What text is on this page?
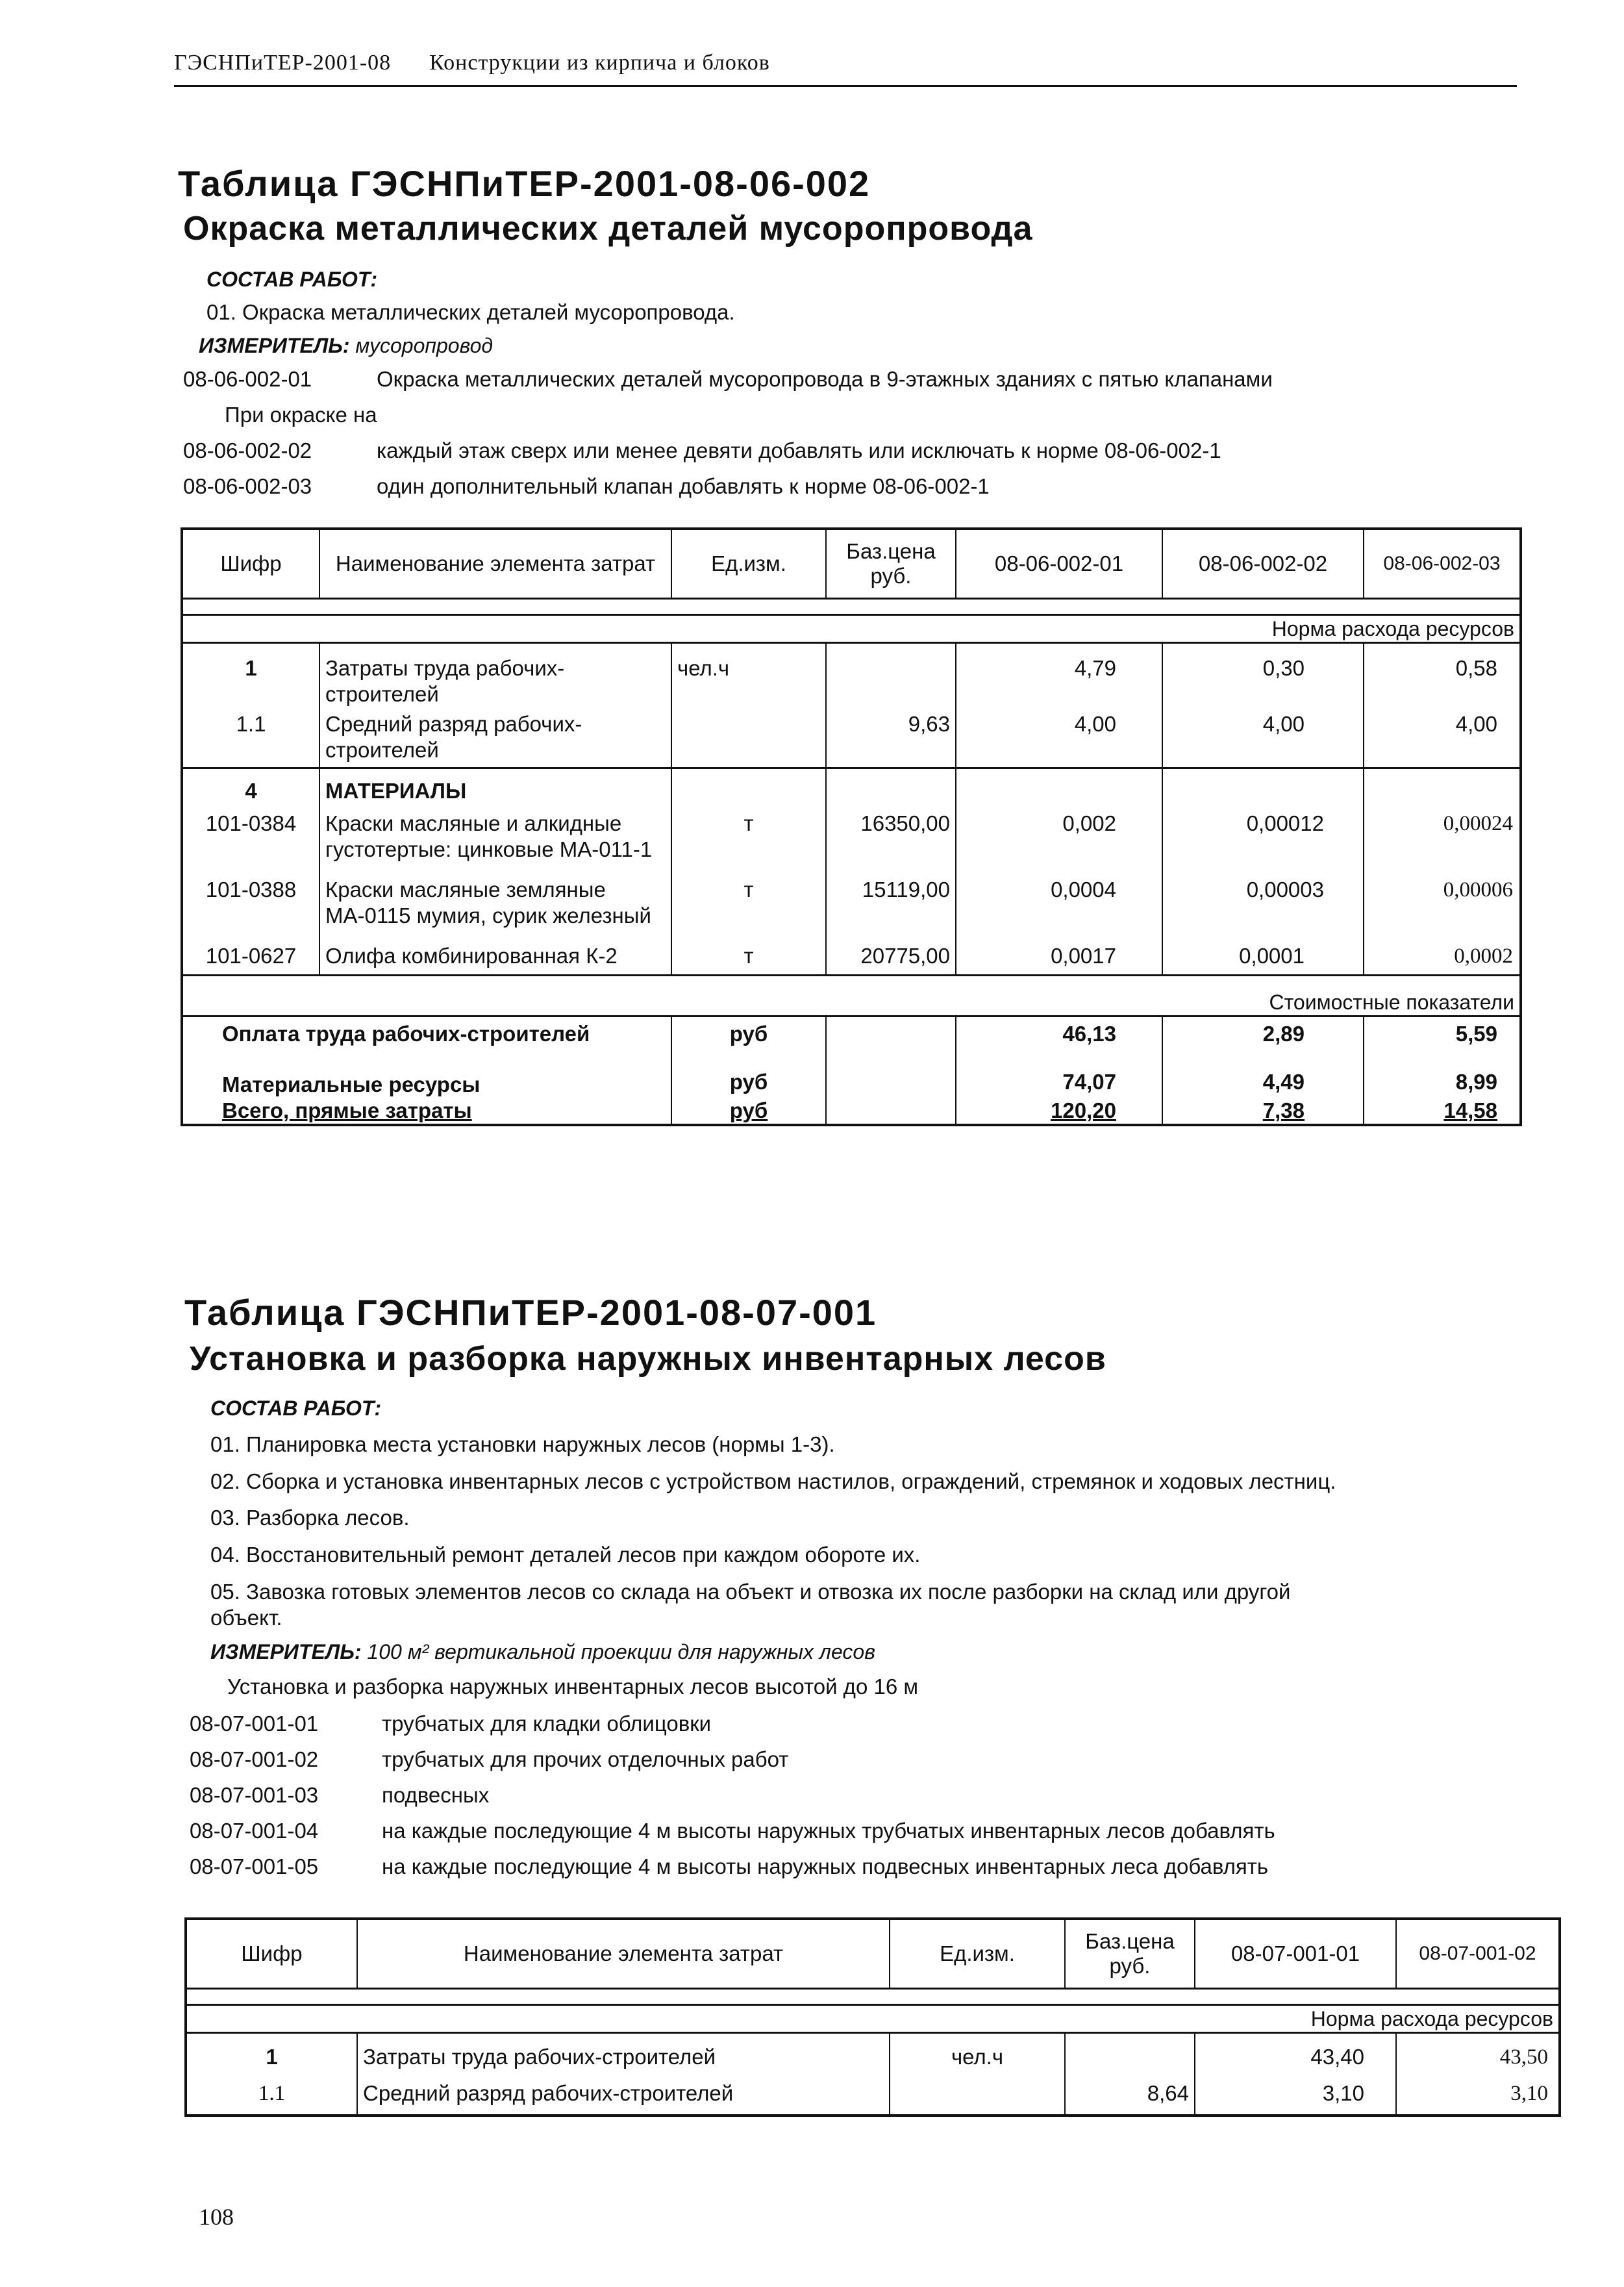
ГЭСНПиТЕР-2001-08 Конструкции из кирпича и блоков
Таблица ГЭСНПиТЕР-2001-08-06-002
Окраска металлических деталей мусоропровода
СОСТАВ РАБОТ:
01. Окраска металлических деталей мусоропровода.
ИЗМЕРИТЕЛЬ: мусоропровод
08-06-002-01	Окраска металлических деталей мусоропровода в 9-этажных зданиях с пятью клапанами
При окраске на
08-06-002-02	каждый этаж сверх или менее девяти добавлять или исключать к норме 08-06-002-1
08-06-002-03	один дополнительный клапан добавлять к норме 08-06-002-1
Шифр	Наименование элемента затрат	Ед.изм.	Баз.цена руб.	08-06-002-01	08-06-002-02	08-06-002-03

Норма расхода ресурсов						
1	Затраты труда рабочих-строителей	чел.ч		4,79	0,30	0,58
1.1	Средний разряд рабочих-строителей		9,63	4,00	4,00	4,00
4	МАТЕРИАЛЫ					
101-0384	Краски масляные и алкидные густотертые: цинковые МА-011-1	т	16350,00	0,002	0,00012	0,00024
101-0388	Краски масляные земляные МА-0115 мумия, сурик железный	т	15119,00	0,0004	0,00003	0,00006
101-0627	Олифа комбинированная К-2	т	20775,00	0,0017	0,0001	0,0002
Стоимостные показатели						
Оплата труда рабочих-строителей		руб		46,13	2,89	5,59
Материальные ресурсы		руб		74,07	4,49	8,99
Всего, прямые затраты		руб		120,20	7,38	14,58
Таблица ГЭСНПиТЕР-2001-08-07-001
Установка и разборка наружных инвентарных лесов
СОСТАВ РАБОТ:
01. Планировка места установки наружных лесов (нормы 1-3).
02. Сборка и установка инвентарных лесов с устройством настилов, ограждений, стремянок и ходовых лестниц.
03. Разборка лесов.
04. Восстановительный ремонт деталей лесов при каждом обороте их.
05. Завозка готовых элементов лесов со склада на объект и отвозка их после разборки на склад или другой
объект.
ИЗМЕРИТЕЛЬ: 100 м² вертикальной проекции для наружных лесов
Установка и разборка наружных инвентарных лесов высотой до 16 м
08-07-001-01	трубчатых для кладки облицовки
08-07-001-02	трубчатых для прочих отделочных работ
08-07-001-03	подвесных
08-07-001-04	на каждые последующие 4 м высоты наружных трубчатых инвентарных лесов добавлять
08-07-001-05	на каждые последующие 4 м высоты наружных подвесных инвентарных леса добавлять
Шифр	Наименование элемента затрат	Ед.изм.	Баз.цена руб.	08-07-001-01	08-07-001-02

Норма расхода ресурсов					
1	Затраты труда рабочих-строителей	чел.ч		43,40	43,50
1.1	Средний разряд рабочих-строителей		8,64	3,10	3,10
108
